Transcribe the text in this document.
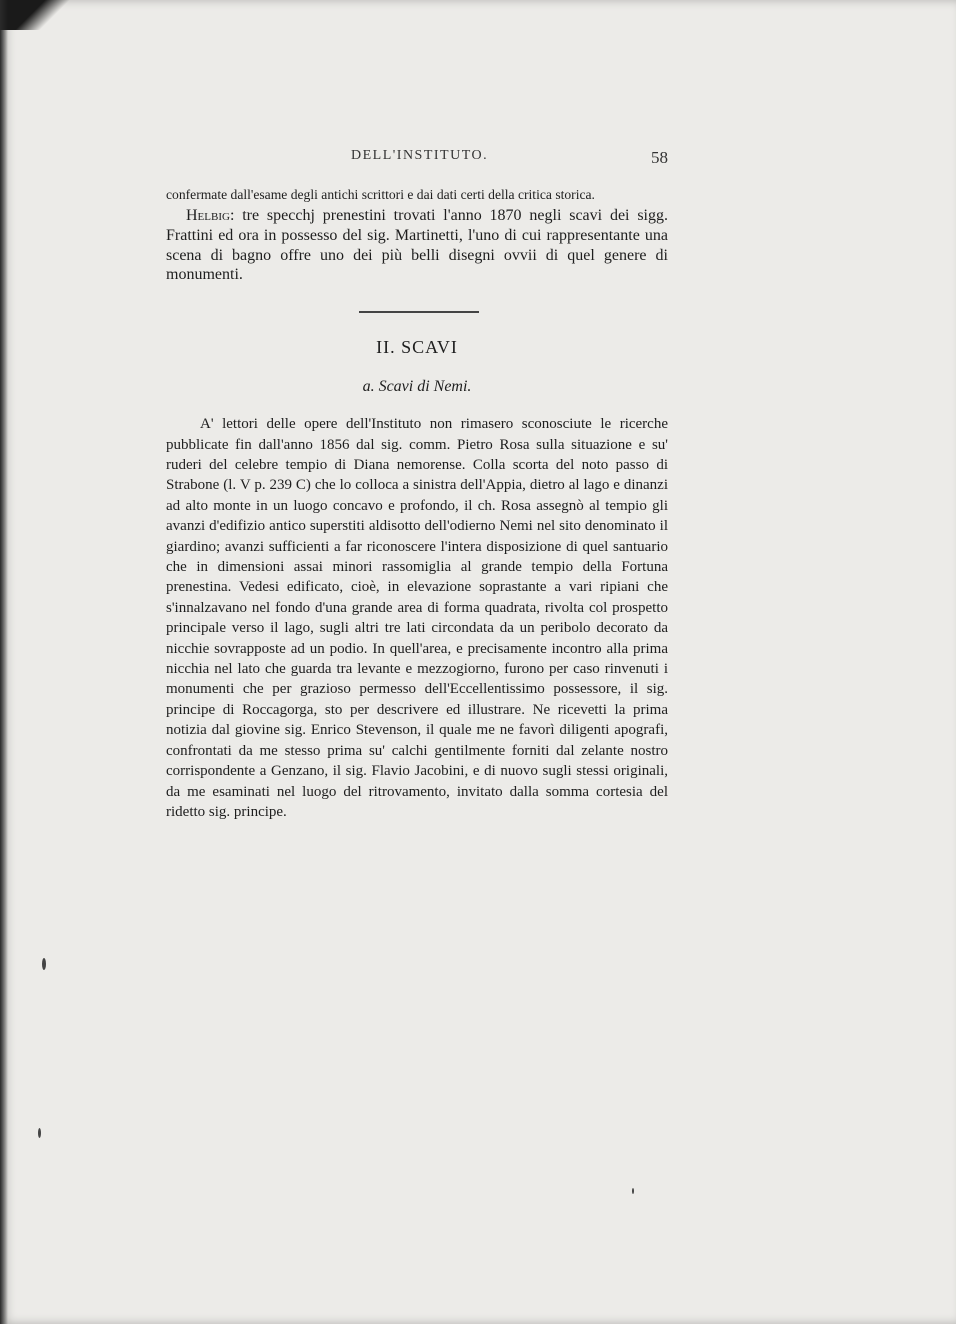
DELL'INSTITUTO.	58

confermate dall'esame degli antichi scrittori e dai dati certi della critica storica.

Helbig: tre specchj prenestini trovati l'anno 1870 negli scavi dei sigg. Frattini ed ora in possesso del sig. Martinetti, l'uno di cui rappresentante una scena di bagno offre uno dei più belli disegni ovvii di quel genere di monumenti.

II. SCAVI
a. Scavi di Nemi.

A' lettori delle opere dell'Instituto non rimasero sconosciute le ricerche pubblicate fin dall'anno 1856 dal sig. comm. Pietro Rosa sulla situazione e su' ruderi del celebre tempio di Diana nemorense. Colla scorta del noto passo di Strabone (l. V p. 239 C) che lo colloca a sinistra dell'Appia, dietro al lago e dinanzi ad alto monte in un luogo concavo e profondo, il ch. Rosa assegnò al tempio gli avanzi d'edifizio antico superstiti aldisotto dell'odierno Nemi nel sito denominato il giardino; avanzi sufficienti a far riconoscere l'intera disposizione di quel santuario che in dimensioni assai minori rassomiglia al grande tempio della Fortuna prenestina. Vedesi edificato, cioè, in elevazione soprastante a vari ripiani che s'innalzavano nel fondo d'una grande area di forma quadrata, rivolta col prospetto principale verso il lago, sugli altri tre lati circondata da un peribolo decorato da nicchie sovrapposte ad un podio. In quell'area, e precisamente incontro alla prima nicchia nel lato che guarda tra levante e mezzogiorno, furono per caso rinvenuti i monumenti che per grazioso permesso dell'Eccellentissimo possessore, il sig. principe di Roccagorga, sto per descrivere ed illustrare. Ne ricevetti la prima notizia dal giovine sig. Enrico Stevenson, il quale me ne favorì diligenti apografi, confrontati da me stesso prima su' calchi gentilmente forniti dal zelante nostro corrispondente a Genzano, il sig. Flavio Jacobini, e di nuovo sugli stessi originali, da me esaminati nel luogo del ritrovamento, invitato dalla somma cortesia del ridetto sig. principe.
